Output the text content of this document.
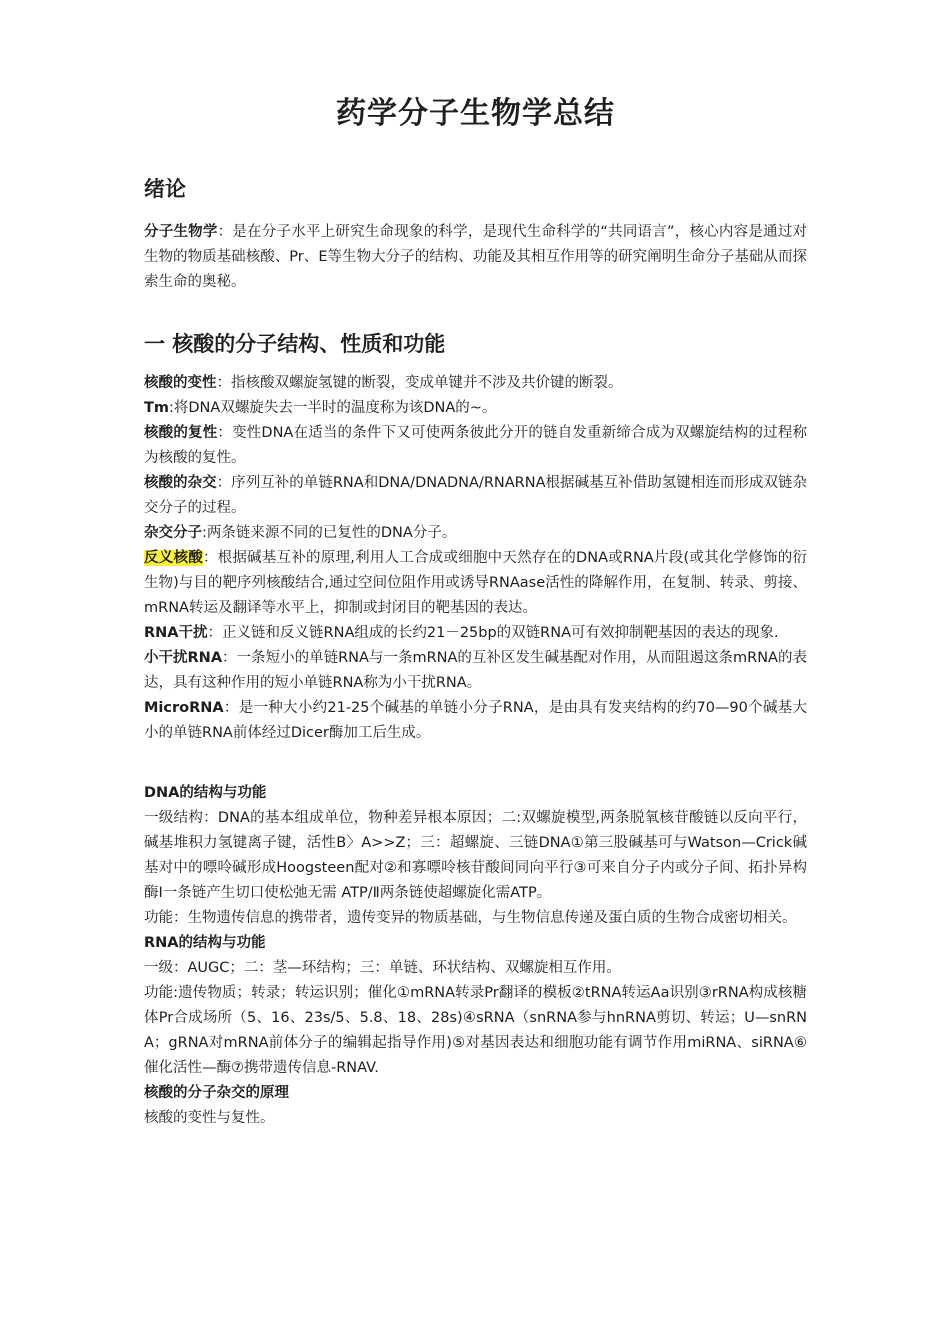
药学分子生物学总结
绪论

分子生物学：是在分子水平上研究生命现象的科学，是现代生命科学的“共同语言”，核心内容是通过对生物的物质基础核酸、Pr、E等生物大分子的结构、功能及其相互作用等的研究阐明生命分子基础从而探索生命的奥秘。

一 核酸的分子结构、性质和功能

核酸的变性：指核酸双螺旋氢键的断裂，变成单键并不涉及共价键的断裂。

Tm:将DNA双螺旋失去一半时的温度称为该DNA的~。

核酸的复性：变性DNA在适当的条件下又可使两条彼此分开的链自发重新缔合成为双螺旋结构的过程称为核酸的复性。

核酸的杂交：序列互补的单链RNA和DNA/DNADNA/RNARNA根据碱基互补借助氢键相连而形成双链杂交分子的过程。

杂交分子:两条链来源不同的已复性的DNA分子。

反义核酸：根据碱基互补的原理,利用人工合成或细胞中天然存在的DNA或RNA片段(或其化学修饰的衍生物)与目的靶序列核酸结合,通过空间位阻作用或诱导RNAase活性的降解作用，在复制、转录、剪接、mRNA转运及翻译等水平上，抑制或封闭目的靶基因的表达。

RNA干扰：正义链和反义链RNA组成的长约21－25bp的双链RNA可有效抑制靶基因的表达的现象.

小干扰RNA：一条短小的单链RNA与一条mRNA的互补区发生碱基配对作用，从而阻遏这条mRNA的表达，具有这种作用的短小单链RNA称为小干扰RNA。

MicroRNA：是一种大小约21-25个碱基的单链小分子RNA，是由具有发夹结构的约70—90个碱基大小的单链RNA前体经过Dicer酶加工后生成。

DNA的结构与功能

一级结构：DNA的基本组成单位，物种差异根本原因；二:双螺旋模型,两条脱氧核苷酸链以反向平行，碱基堆积力氢键离子键，活性B〉A>>Z；三：超螺旋、三链DNA①第三股碱基可与Watson—Crick碱基对中的嘌呤碱形成Hoogsteen配对②和寡嘌呤核苷酸间同向平行③可来自分子内或分子间、拓扑异构酶Ⅰ一条链产生切口使松弛无需 ATP/Ⅱ两条链使超螺旋化需ATP。

功能：生物遗传信息的携带者，遗传变异的物质基础，与生物信息传递及蛋白质的生物合成密切相关。

RNA的结构与功能

一级：AUGC；二：茎—环结构；三：单链、环状结构、双螺旋相互作用。

功能:遗传物质；转录；转运识别；催化①mRNA转录Pr翻译的模板②tRNA转运Aa识别③rRNA构成核糖体Pr合成场所（5、16、23s/5、5.8、18、28s)④sRNA（snRNA参与hnRNA剪切、转运；U—snRNA；gRNA对mRNA前体分子的编辑起指导作用)⑤对基因表达和细胞功能有调节作用miRNA、siRNA⑥催化活性—酶⑦携带遗传信息-RNAV.

核酸的分子杂交的原理

核酸的变性与复性。
